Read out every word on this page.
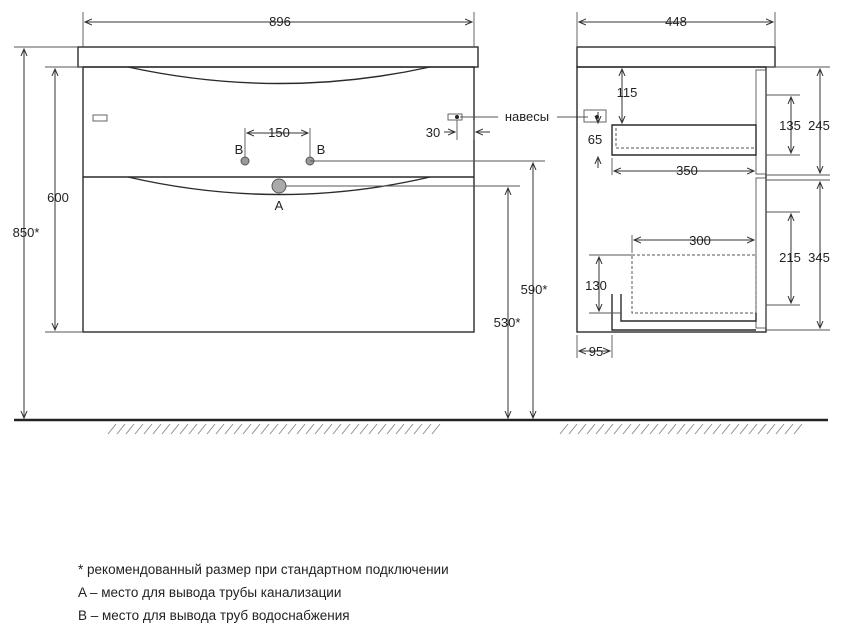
896
850*
600
150
B	B
A
30
навесы
590*
530*
448
115
65
350
300
130
95
135 245
215 345
* рекомендованный размер при стандартном подключении
A – место для вывода трубы канализации
B – место для вывода труб водоснабжения
